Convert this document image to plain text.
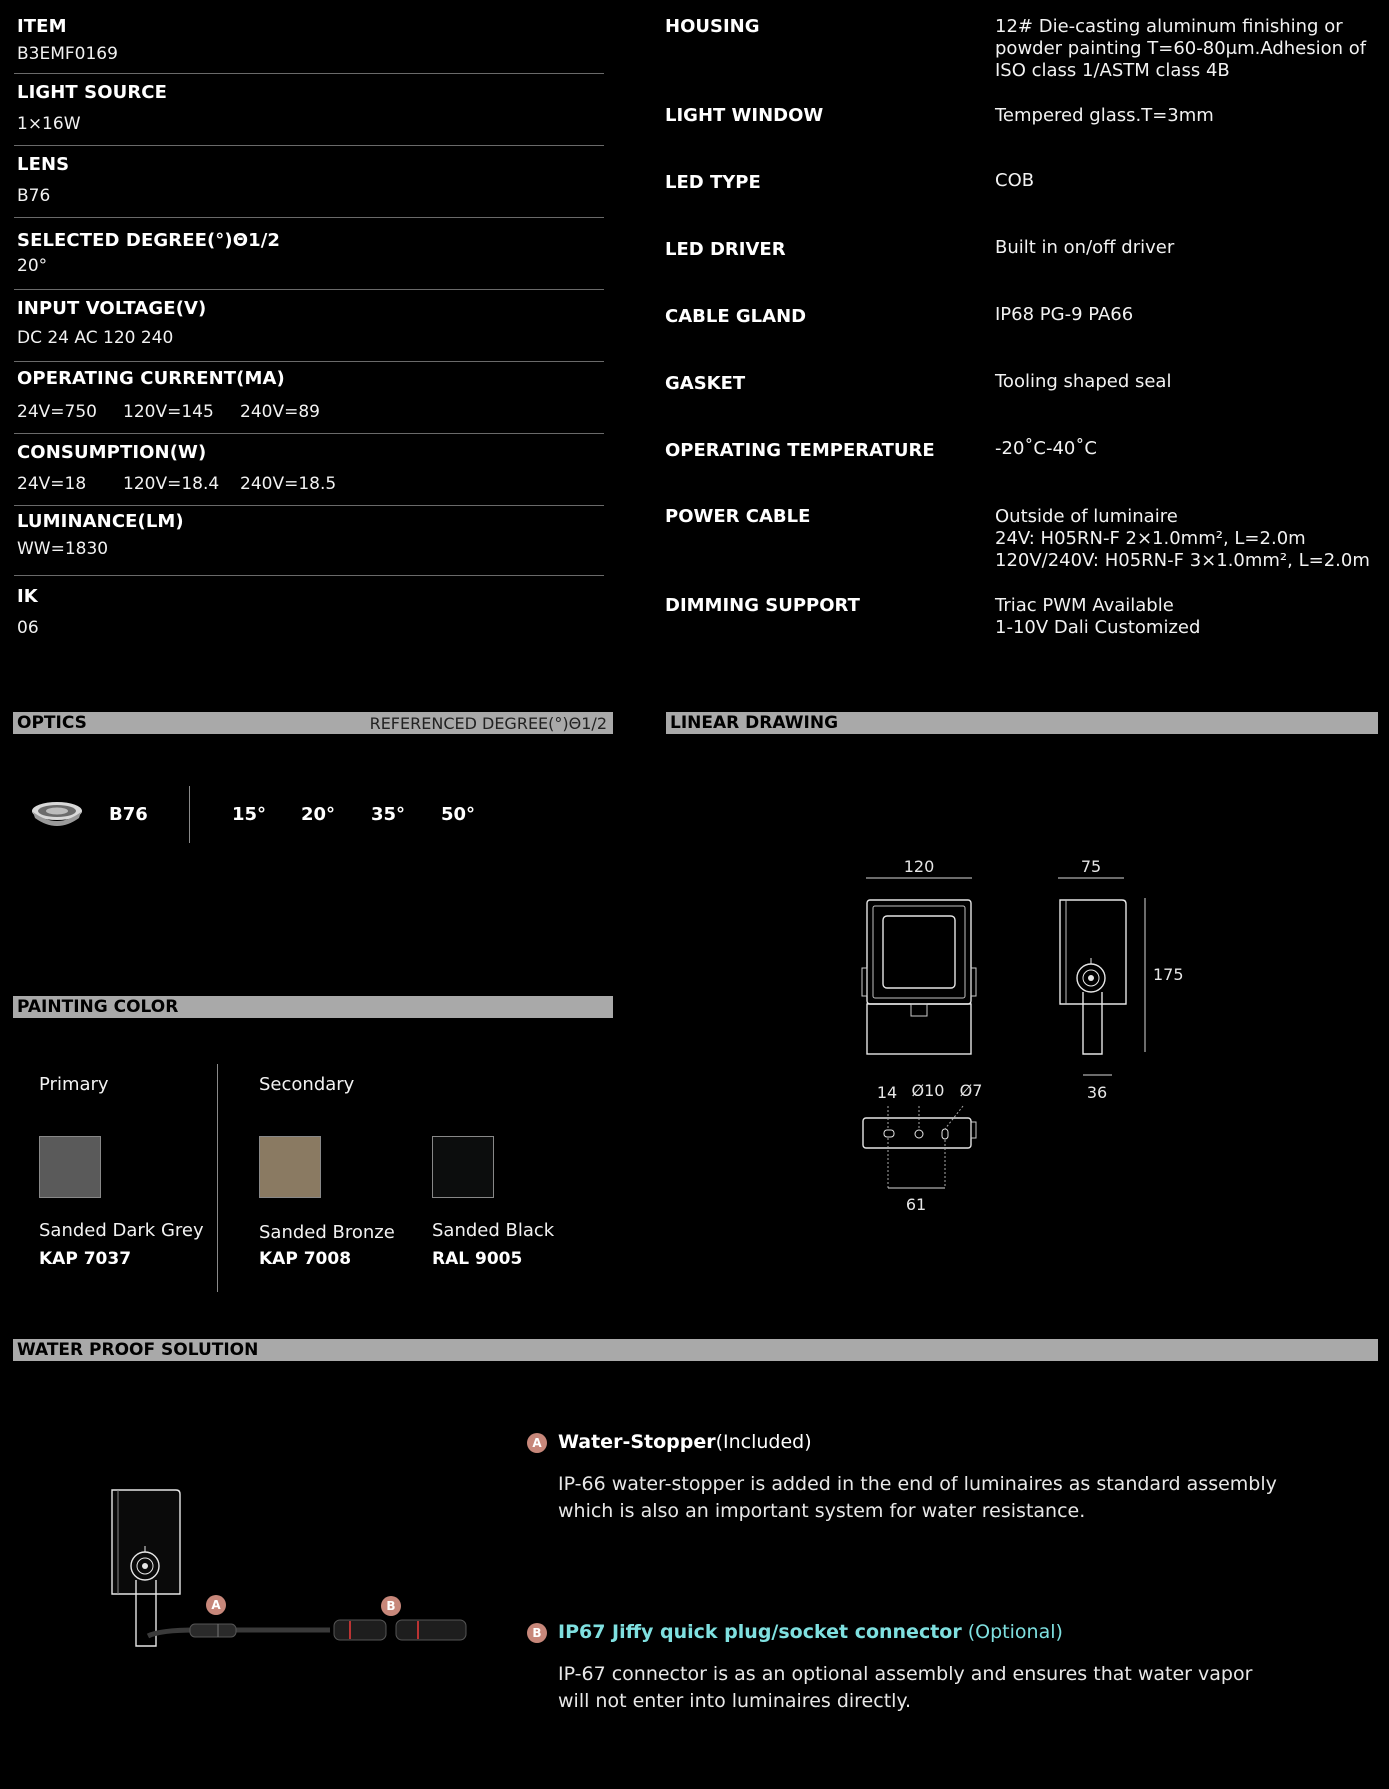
ITEM
B3EMF0169
LIGHT SOURCE
1×16W
LENS
B76
SELECTED DEGREE(°)Θ1/2
20°
INPUT VOLTAGE(V)
DC 24 AC 120 240
OPERATING CURRENT(MA)
24V=750 120V=145 240V=89
CONSUMPTION(W)
24V=18 120V=18.4 240V=18.5
LUMINANCE(LM)
WW=1830
IK
06
HOUSING	12# Die-casting aluminum finishing or
powder painting T=60-80μm.Adhesion of
ISO class 1/ASTM class 4B
LIGHT WINDOW	Tempered glass.T=3mm
LED TYPE	COB
LED DRIVER	Built in on/off driver
CABLE GLAND	IP68 PG-9 PA66
GASKET	Tooling shaped seal
OPERATING TEMPERATURE	-20˚C-40˚C
POWER CABLE	Outside of luminaire
24V: H05RN-F 2×1.0mm², L=2.0m
120V/240V: H05RN-F 3×1.0mm², L=2.0m
DIMMING SUPPORT	Triac PWM Available
1-10V Dali Customized
OPTICS	REFERENCED DEGREE(°)Θ1/2
B76	15° 20° 35° 50°
LINEAR DRAWING
120	75
175
36
14 Ø10 Ø7
61
PAINTING COLOR
Primary	Secondary
Sanded Dark Grey
KAP 7037
Sanded Bronze
KAP 7008
Sanded Black
RAL 9005
WATER PROOF SOLUTION
A	B
A Water-Stopper(Included)
IP-66 water-stopper is added in the end of luminaires as standard assembly
which is also an important system for water resistance.
B IP67 Jiffy quick plug/socket connector (Optional)
IP-67 connector is as an optional assembly and ensures that water vapor
will not enter into luminaires directly.
